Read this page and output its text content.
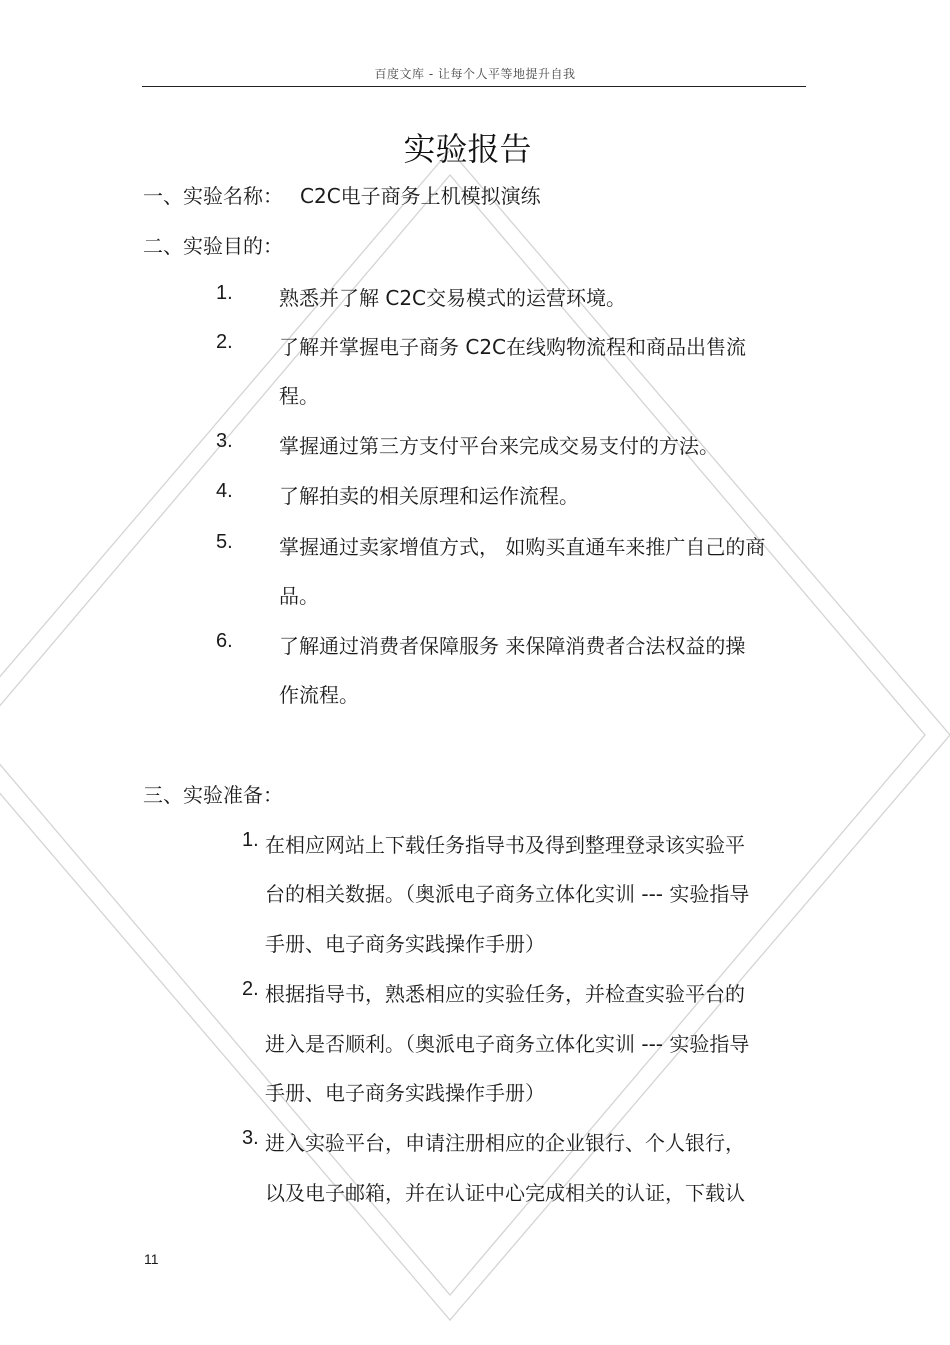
百度文库 - 让每个人平等地提升自我
实验报告
一、实验名称： C2C电子商务上机模拟演练
二、实验目的：
1. 熟悉并了解 C2C交易模式的运营环境。
2. 了解并掌握电子商务 C2C在线购物流程和商品出售流
程。
3. 掌握通过第三方支付平台来完成交易支付的方法。
4. 了解拍卖的相关原理和运作流程。
5. 掌握通过卖家增值方式， 如购买直通车来推广自己的商
品。
6. 了解通过消费者保障服务 来保障消费者合法权益的操
作流程。
三、实验准备：
1. 在相应网站上下载任务指导书及得到整理登录该实验平
台的相关数据。（奥派电子商务立体化实训 --- 实验指导
手册、电子商务实践操作手册）
2. 根据指导书，熟悉相应的实验任务，并检查实验平台的
进入是否顺利。（奥派电子商务立体化实训 --- 实验指导
手册、电子商务实践操作手册）
3. 进入实验平台，申请注册相应的企业银行、个人银行，
以及电子邮箱，并在认证中心完成相关的认证，下载认
11
